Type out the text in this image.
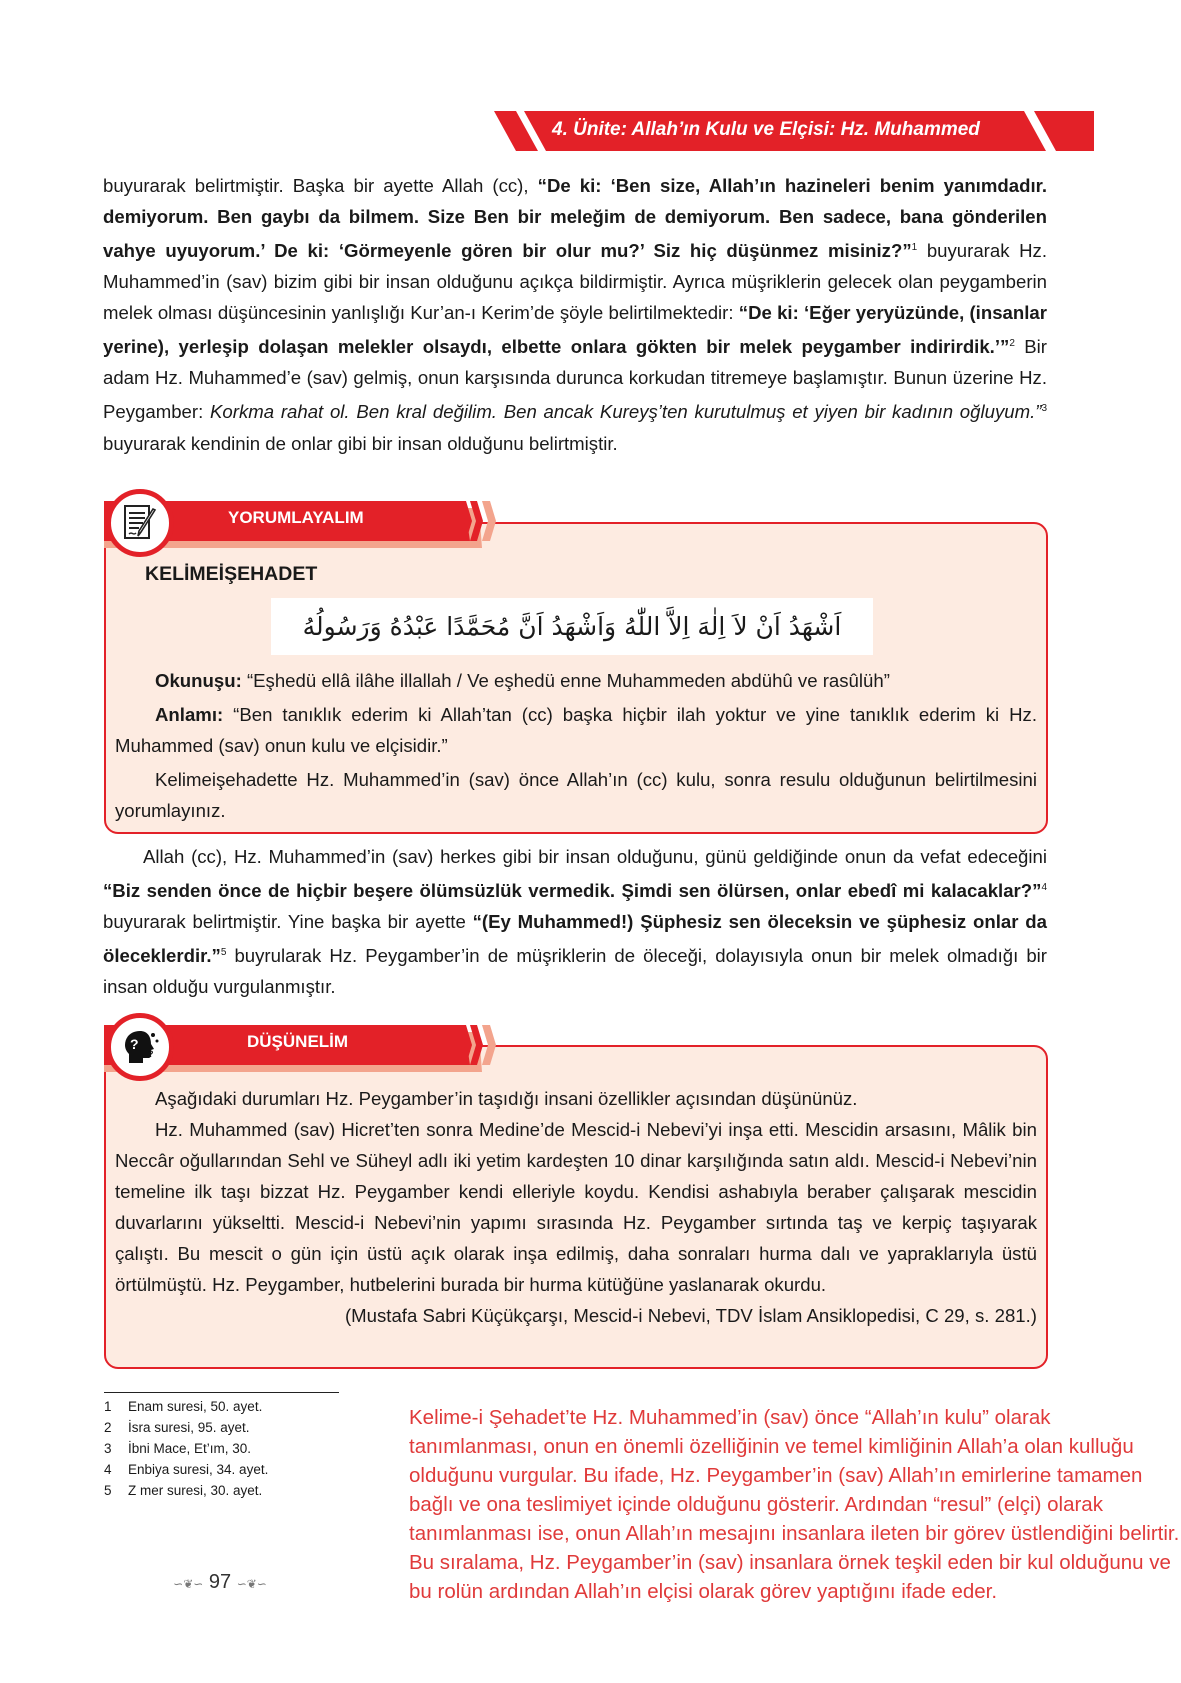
4. Ünite: Allah’ın Kulu ve Elçisi: Hz. Muhammed
buyurarak belirtmiştir. Başka bir ayette Allah (cc), “De ki: ‘Ben size, Allah’ın hazineleri benim yanımdadır. demiyorum. Ben gaybı da bilmem. Size Ben bir meleğim de demiyorum. Ben sadece, bana gönderilen vahye uyuyorum.’ De ki: ‘Görmeyenle gören bir olur mu?’ Siz hiç düşünmez misiniz?”$^1$ buyurarak Hz. Muhammed’in (sav) bizim gibi bir insan olduğunu açıkça bildirmiştir. Ayrıca müşriklerin gelecek olan peygamberin melek olması düşüncesinin yanlışlığı Kur’an-ı Kerim’de şöyle belirtilmektedir: “De ki: ‘Eğer yeryüzünde, (insanlar yerine), yerleşip dolaşan melekler olsaydı, elbette onlara gökten bir melek peygamber indirirdik.’”$^2$ Bir adam Hz. Muhammed’e (sav) gelmiş, onun karşısında durunca korkudan titremeye başlamıştır. Bunun üzerine Hz. Peygamber: Korkma rahat ol. Ben kral değilim. Ben ancak Kureyş’ten kurutulmuş et yiyen bir kadının oğluyum.”$^3$ buyurarak kendinin de onlar gibi bir insan olduğunu belirtmiştir.
YORUMLAYALIM
KELİMEİŞEHADET
اَشْهَدُ اَنْ لاَ اِلٰهَ اِلاَّ اللّٰهُ وَاَشْهَدُ اَنَّ مُحَمَّدًا عَبْدُهُ وَرَسُولُهُ
Okunuşu: “Eşhedü ellâ ilâhe illallah / Ve eşhedü enne Muhammeden abdühû ve rasûlüh”
Anlamı: “Ben tanıklık ederim ki Allah’tan (cc) başka hiçbir ilah yoktur ve yine tanıklık ederim ki Hz. Muhammed (sav) onun kulu ve elçisidir.”
Kelimeişehadette Hz. Muhammed’in (sav) önce Allah’ın (cc) kulu, sonra resulu olduğunun belirtilmesini yorumlayınız.
Allah (cc), Hz. Muhammed’in (sav) herkes gibi bir insan olduğunu, günü geldiğinde onun da vefat edeceğini “Biz senden önce de hiçbir beşere ölümsüzlük vermedik. Şimdi sen ölürsen, onlar ebedî mi kalacaklar?”$^4$ buyurarak belirtmiştir. Yine başka bir ayette “(Ey Muhammed!) Şüphesiz sen öleceksin ve şüphesiz onlar da öleceklerdir.”$^5$ buyrularak Hz. Peygamber’in de müşriklerin de öleceği, dolayısıyla onun bir melek olmadığı bir insan olduğu vurgulanmıştır.
DÜŞÜNELİM
?
?
Aşağıdaki durumları Hz. Peygamber’in taşıdığı insani özellikler açısından düşününüz.
Hz. Muhammed (sav) Hicret’ten sonra Medine’de Mescid-i Nebevi’yi inşa etti. Mescidin arsasını, Mâlik bin Neccâr oğullarından Sehl ve Süheyl adlı iki yetim kardeşten 10 dinar karşılığında satın aldı. Mescid-i Nebevi’nin temeline ilk taşı bizzat Hz. Peygamber kendi elleriyle koydu. Kendisi ashabıyla beraber çalışarak mescidin duvarlarını yükseltti. Mescid-i Nebevi’nin yapımı sırasında Hz. Peygamber sırtında taş ve kerpiç taşıyarak çalıştı. Bu mescit o gün için üstü açık olarak inşa edilmiş, daha sonraları hurma dalı ve yapraklarıyla üstü örtülmüştü. Hz. Peygamber, hutbelerini burada bir hurma kütüğüne yaslanarak okurdu.
(Mustafa Sabri Küçükçarşı, Mescid-i Nebevi, TDV İslam Ansiklopedisi, C 29, s. 281.)
1 Enam suresi, 50. ayet.
2 İsra suresi, 95. ayet.
3 İbni Mace, Et’ım, 30.
4 Enbiya suresi, 34. ayet.
5 Z mer suresi, 30. ayet.
∽❦∽ 97 ∽❦∽
Kelime-i Şehadet’te Hz. Muhammed’in (sav) önce “Allah’ın kulu” olarak tanımlanması, onun en önemli özelliğinin ve temel kimliğinin Allah’a olan kulluğu olduğunu vurgular. Bu ifade, Hz. Peygamber’in (sav) Allah’ın emirlerine tamamen bağlı ve ona teslimiyet içinde olduğunu gösterir. Ardından “resul” (elçi) olarak tanımlanması ise, onun Allah’ın mesajını insanlara ileten bir görev üstlendiğini belirtir. Bu sıralama, Hz. Peygamber’in (sav) insanlara örnek teşkil eden bir kul olduğunu ve bu rolün ardından Allah’ın elçisi olarak görev yaptığını ifade eder.
